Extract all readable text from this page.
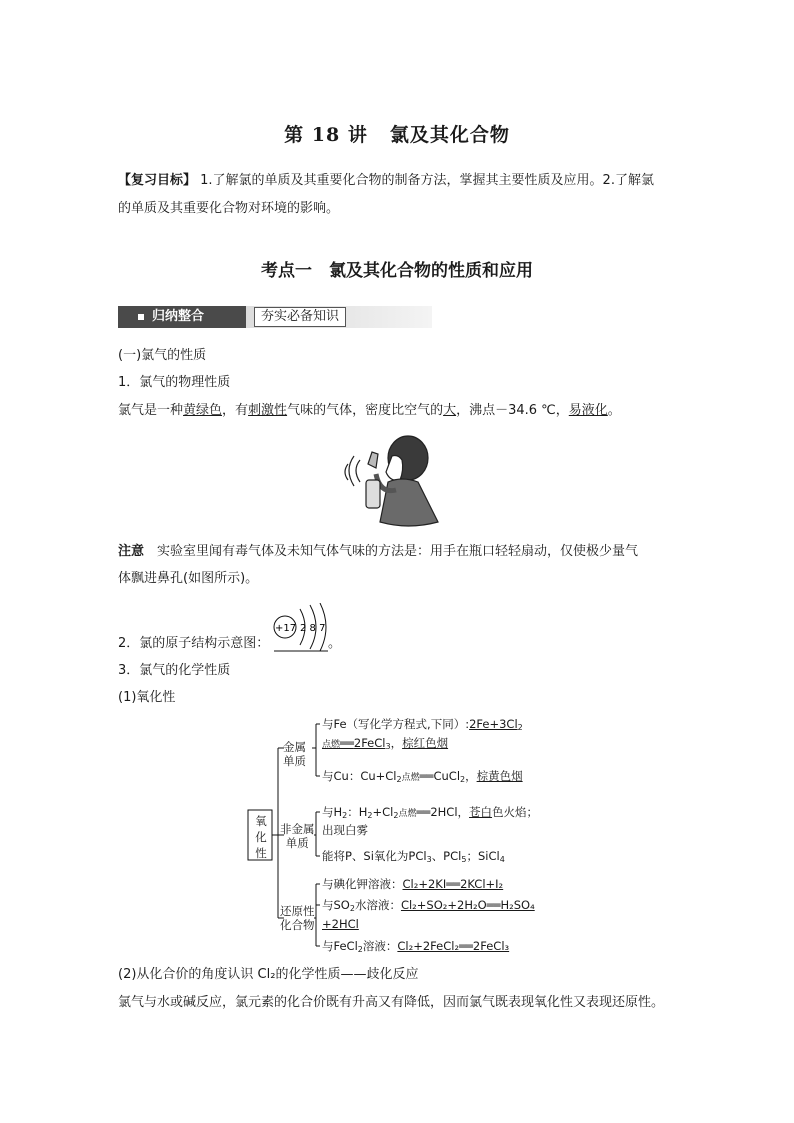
第 18 讲 氯及其化合物
【复习目标】 1.了解氯的单质及其重要化合物的制备方法，掌握其主要性质及应用。2.了解氯
的单质及其重要化合物对环境的影响。
考点一　氯及其化合物的性质和应用
归纳整合	夯实必备知识
(一)氯气的性质
1．氯气的物理性质
氯气是一种黄绿色，有刺激性气味的气体，密度比空气的大，沸点－34.6 ℃，易液化。
注意　实验室里闻有毒气体及未知气体气味的方法是：用手在瓶口轻轻扇动，仅使极少量气
体飘进鼻孔(如图所示)。
2．氯的原子结构示意图：
+17 2 8 7
。
3．氯气的化学性质
(1)氧化性
氧
化
性
金属
单质
非金属
单质
还原性
化合物
与Fe（写化学方程式,下同）$:2Fe+3Cl_2$
点燃══2FeCl$_3$，棕红色烟
与Cu：$Cu+Cl_2$点燃══CuCl$_2$，棕黄色烟
与$H_2$：$H_2+Cl_2$点燃══2HCl，苍白色火焰；
出现白雾
能将P、Si氧化为PCl$_3$、PCl$_5$；SiCl$_4$
与碘化钾溶液：Cl₂+2KI══2KCl+I₂
与$SO_2$水溶液：Cl₂+SO₂+2H₂O══H₂SO₄
+2HCl
与FeCl$_2$溶液：Cl₂+2FeCl₂══2FeCl₃
(2)从化合价的角度认识 Cl₂的化学性质——歧化反应
氯气与水或碱反应，氯元素的化合价既有升高又有降低，因而氯气既表现氧化性又表现还原性。
